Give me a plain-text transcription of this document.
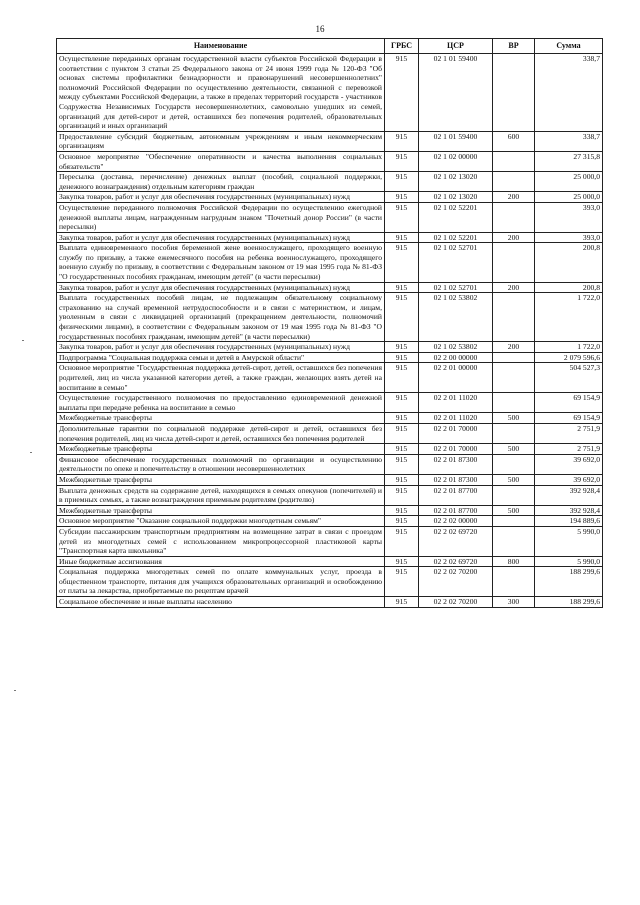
16
Наименование	ГРБС	ЦСР	ВР	Сумма
Осуществление переданных органам государственной власти субъектов Российской Федерации в соответствии с пунктом 3 статьи 25 Федерального закона от 24 июня 1999 года № 120-ФЗ "Об основах системы профилактики безнадзорности и правонарушений несовершеннолетних" полномочий Российской Федерации по осуществлению деятельности, связанной с перевозкой между субъектами Российской Федерации, а также в пределах территорий государств - участников Содружества Независимых Государств несовершеннолетних, самовольно ушедших из семей, организаций для детей-сирот и детей, оставшихся без попечения родителей, образовательных организаций и иных организаций	915	02 1 01 59400		338,7
Предоставление субсидий бюджетным, автономным учреждениям и иным некоммерческим организациям	915	02 1 01 59400	600	338,7
Основное мероприятие "Обеспечение оперативности и качества выполнения социальных обязательств"	915	02 1 02 00000		27 315,8
Пересылка (доставка, перечисление) денежных выплат (пособий, социальной поддержки, денежного вознаграждения) отдельным категориям граждан	915	02 1 02 13020		25 000,0
Закупка товаров, работ и услуг для обеспечения государственных (муниципальных) нужд	915	02 1 02 13020	200	25 000,0
Осуществление переданного полномочия Российской Федерации по осуществлению ежегодной денежной выплаты лицам, награжденным нагрудным знаком "Почетный донор России" (в части пересылки)	915	02 1 02 52201		393,0
Закупка товаров, работ и услуг для обеспечения государственных (муниципальных) нужд	915	02 1 02 52201	200	393,0
Выплата единовременного пособия беременной жене военнослужащего, проходящего военную службу по призыву, а также ежемесячного пособия на ребенка военнослужащего, проходящего военную службу по призыву, в соответствии с Федеральным законом от 19 мая 1995 года № 81-ФЗ "О государственных пособиях гражданам, имеющим детей" (в части пересылки)	915	02 1 02 52701		200,8
Закупка товаров, работ и услуг для обеспечения государственных (муниципальных) нужд	915	02 1 02 52701	200	200,8
Выплата государственных пособий лицам, не подлежащим обязательному социальному страхованию на случай временной нетрудоспособности и в связи с материнством, и лицам, уволенным в связи с ликвидацией организаций (прекращением деятельности, полномочий физическими лицами), в соответствии с Федеральным законом от 19 мая 1995 года № 81-ФЗ "О государственных пособиях гражданам, имеющим детей" (в части пересылки)	915	02 1 02 53802		1 722,0
Закупка товаров, работ и услуг для обеспечения государственных (муниципальных) нужд	915	02 1 02 53802	200	1 722,0
Подпрограмма "Социальная поддержка семьи и детей в Амурской области"	915	02 2 00 00000		2 079 596,6
Основное мероприятие "Государственная поддержка детей-сирот, детей, оставшихся без попечения родителей, лиц из числа указанной категории детей, а также граждан, желающих взять детей на воспитание в семью"	915	02 2 01 00000		504 527,3
Осуществление государственного полномочия по предоставлению единовременной денежной выплаты при передаче ребенка на воспитание в семью	915	02 2 01 11020		69 154,9
Межбюджетные трансферты	915	02 2 01 11020	500	69 154,9
Дополнительные гарантии по социальной поддержке детей-сирот и детей, оставшихся без попечения родителей, лиц из числа детей-сирот и детей, оставшихся без попечения родителей	915	02 2 01 70000		2 751,9
Межбюджетные трансферты	915	02 2 01 70000	500	2 751,9
Финансовое обеспечение государственных полномочий по организации и осуществлению деятельности по опеке и попечительству в отношении несовершеннолетних	915	02 2 01 87300		39 692,0
Межбюджетные трансферты	915	02 2 01 87300	500	39 692,0
Выплата денежных средств на содержание детей, находящихся в семьях опекунов (попечителей) и в приемных семьях, а также вознаграждения приемным родителям (родителю)	915	02 2 01 87700		392 928,4
Межбюджетные трансферты	915	02 2 01 87700	500	392 928,4
Основное мероприятие "Оказание социальной поддержки многодетным семьям"	915	02 2 02 00000		194 889,6
Субсидии пассажирским транспортным предприятиям на возмещение затрат в связи с проездом детей из многодетных семей с использованием микропроцессорной пластиковой карты "Транспортная карта школьника"	915	02 2 02 69720		5 990,0
Иные бюджетные ассигнования	915	02 2 02 69720	800	5 990,0
Социальная поддержка многодетных семей по оплате коммунальных услуг, проезда в общественном транспорте, питания для учащихся образовательных организаций и освобождению от платы за лекарства, приобретаемые по рецептам врачей	915	02 2 02 70200		188 299,6
Социальное обеспечение и иные выплаты населению	915	02 2 02 70200	300	188 299,6
